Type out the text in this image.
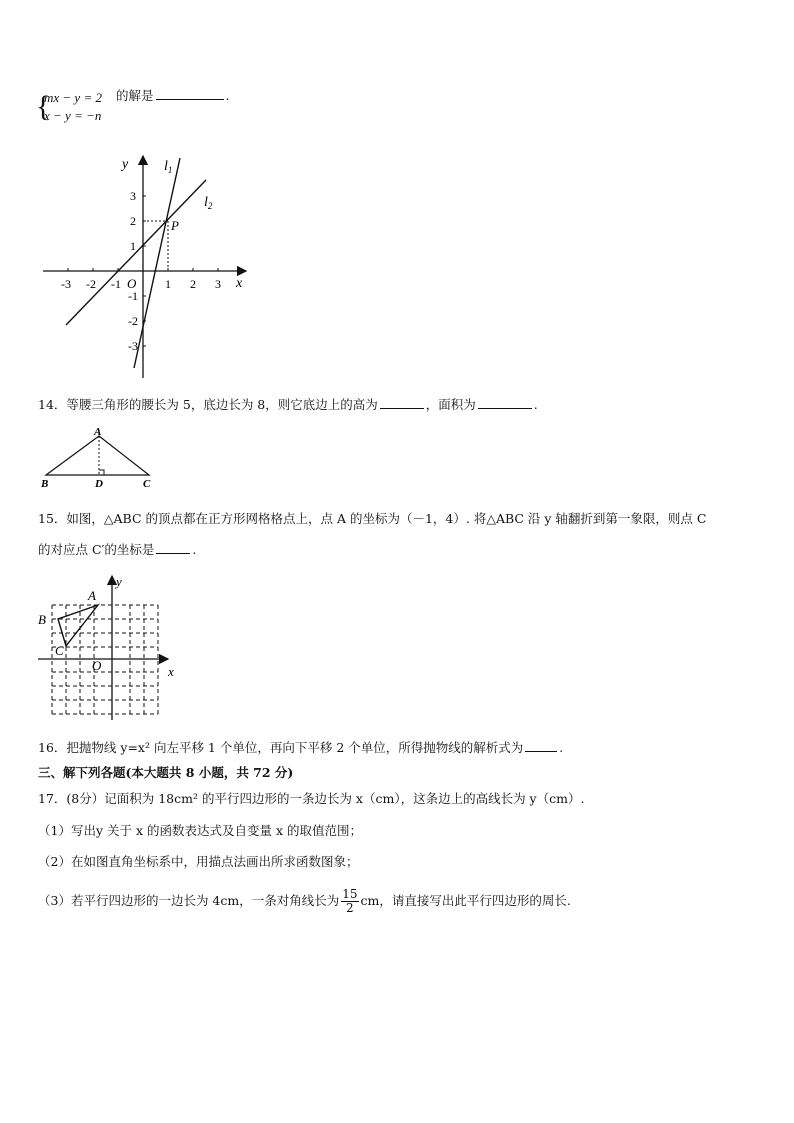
{
mx − y = 2
x − y = −n
的解是	.
y
x
O
P
$l_1$
$l_2$
-3 -2 -1	1 2 3
3
2
1
-1
-2
-3
14．等腰三角形的腰长为 5，底边长为 8，则它底边上的高为	，面积为	.
A
B	D	C
15．如图，△ABC 的顶点都在正方形网格格点上，点 A 的坐标为（－1，4）. 将△ABC 沿 y 轴翻折到第一象限，则点 C
的对应点 C′的坐标是	.
y
x
O
A
B
C
16．把抛物线 y=x² 向左平移 1 个单位，再向下平移 2 个单位，所得抛物线的解析式为	.
三、解下列各题(本大题共 8 小题，共 72 分)
17．(8分）记面积为 18cm² 的平行四边形的一条边长为 x（cm），这条边上的高线长为 y（cm）.
（1）写出y 关于 x 的函数表达式及自变量 x 的取值范围；
（2）在如图直角坐标系中，用描点法画出所求函数图象；
（3）若平行四边形的一边长为 4cm，一条对角线长为 $\frac{15}{2}$ cm，请直接写出此平行四边形的周长.
